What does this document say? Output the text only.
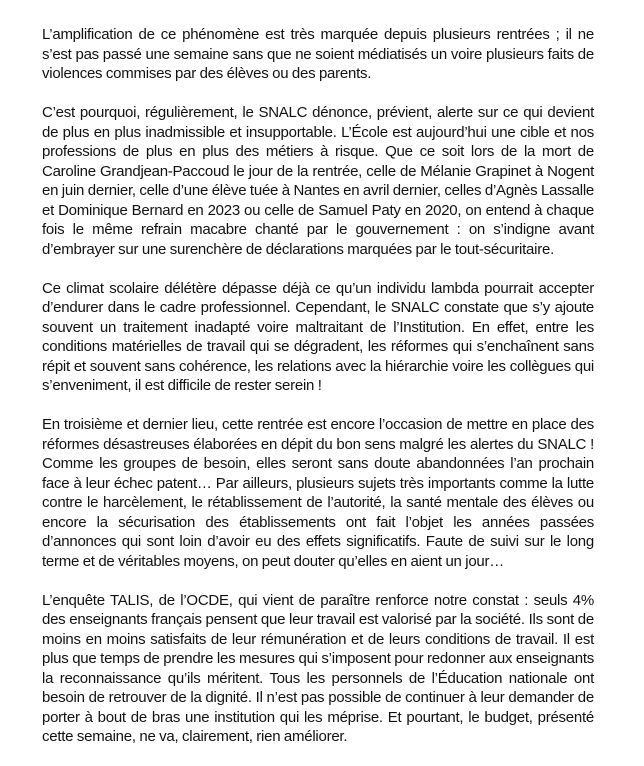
L’amplification de ce phénomène est très marquée depuis plusieurs rentrées ; il ne s’est pas passé une semaine sans que ne soient médiatisés un voire plusieurs faits de violences commises par des élèves ou des parents.

C’est pourquoi, régulièrement, le SNALC dénonce, prévient, alerte sur ce qui devient de plus en plus inadmissible et insupportable. L’École est aujourd’hui une cible et nos professions de plus en plus des métiers à risque. Que ce soit lors de la mort de Caroline Grandjean-Paccoud le jour de la rentrée, celle de Mélanie Grapinet à Nogent en juin dernier, celle d’une élève tuée à Nantes en avril dernier, celles d’Agnès Lassalle et Dominique Bernard en 2023 ou celle de Samuel Paty en 2020, on entend à chaque fois le même refrain macabre chanté par le gouvernement : on s’indigne avant d’embrayer sur une surenchère de déclarations marquées par le tout-sécuritaire.

Ce climat scolaire délétère dépasse déjà ce qu’un individu lambda pourrait accepter d’endurer dans le cadre professionnel. Cependant, le SNALC constate que s’y ajoute souvent un traitement inadapté voire maltraitant de l’Institution. En effet, entre les conditions matérielles de travail qui se dégradent, les réformes qui s’enchaînent sans répit et souvent sans cohérence, les relations avec la hiérarchie voire les collègues qui s’enveniment, il est difficile de rester serein !

En troisième et dernier lieu, cette rentrée est encore l’occasion de mettre en place des réformes désastreuses élaborées en dépit du bon sens malgré les alertes du SNALC ! Comme les groupes de besoin, elles seront sans doute abandonnées l’an prochain face à leur échec patent… Par ailleurs, plusieurs sujets très importants comme la lutte contre le harcèlement, le rétablissement de l’autorité, la santé mentale des élèves ou encore la sécurisation des établissements ont fait l’objet les années passées d’annonces qui sont loin d’avoir eu des effets significatifs. Faute de suivi sur le long terme et de véritables moyens, on peut douter qu’elles en aient un jour…

L’enquête TALIS, de l’OCDE, qui vient de paraître renforce notre constat : seuls 4% des enseignants français pensent que leur travail est valorisé par la société. Ils sont de moins en moins satisfaits de leur rémunération et de leurs conditions de travail. Il est plus que temps de prendre les mesures qui s’imposent pour redonner aux enseignants la reconnaissance qu’ils méritent. Tous les personnels de l’Éducation nationale ont besoin de retrouver de la dignité. Il n’est pas possible de continuer à leur demander de porter à bout de bras une institution qui les méprise. Et pourtant, le budget, présenté cette semaine, ne va, clairement, rien améliorer.
